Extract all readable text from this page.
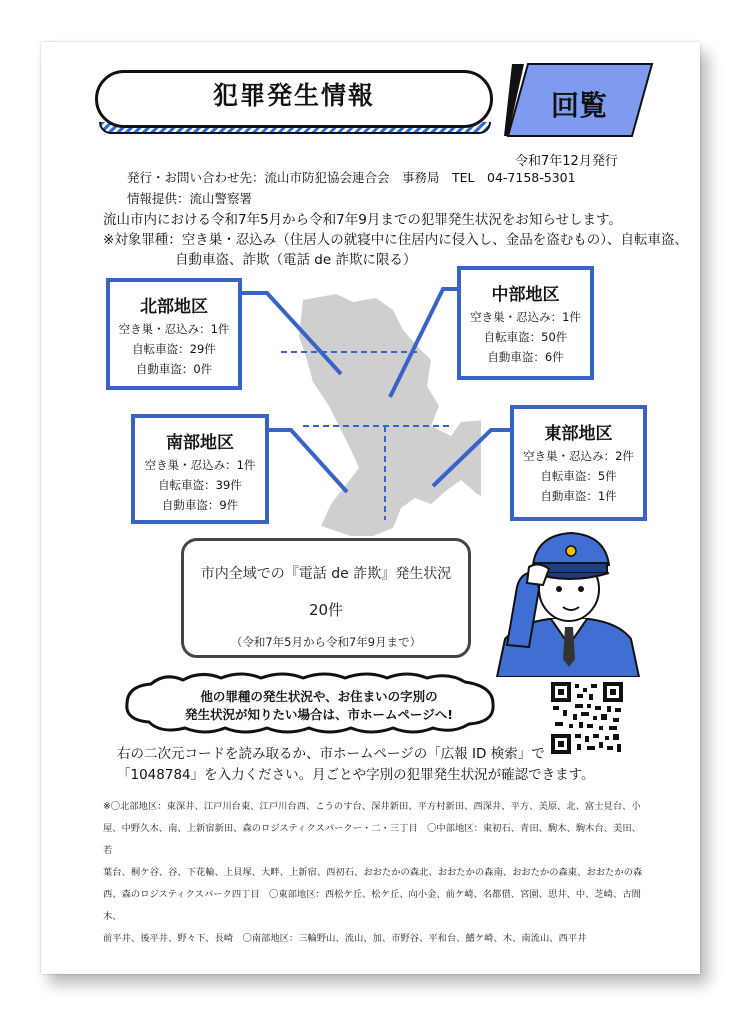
犯罪発生情報	回覧
令和7年12月発行
発行・お問い合わせ先：流山市防犯協会連合会　事務局　TEL　04-7158-5301
情報提供：流山警察署
流山市内における令和7年5月から令和7年9月までの犯罪発生状況をお知らせします。
※対象罪種：空き巣・忍込み（住居人の就寝中に住居内に侵入し、金品を盗むもの）、自転車盗、
自動車盗、詐欺（電話 de 詐欺に限る）
北部地区
空き巣・忍込み：1件
自転車盗：29件
自動車盗：0件
中部地区
空き巣・忍込み：1件
自転車盗：50件
自動車盗：6件
南部地区
空き巣・忍込み：1件
自転車盗：39件
自動車盗：9件
東部地区
空き巣・忍込み：2件
自転車盗：5件
自動車盗：1件
市内全域での『電話 de 詐欺』発生状況
20件
（令和7年5月から令和7年9月まで）
他の罪種の発生状況や、お住まいの字別の
発生状況が知りたい場合は、市ホームページへ!
右の二次元コードを読み取るか、市ホームページの「広報 ID 検索」で
「1048784」を入力ください。月ごとや字別の犯罪発生状況が確認できます。
※〇北部地区：東深井、江戸川台東、江戸川台西、こうのす台、深井新田、平方村新田、西深井、平方、美原、北、富士見台、小
屋、中野久木、南、上新宿新田、森のロジスティクスパークー・二・三丁目　〇中部地区：東初石、青田、駒木、駒木台、美田、若
葉台、桐ケ谷、谷、下花輪、上貝塚、大畔、上新宿、西初石、おおたかの森北、おおたかの森南、おおたかの森東、おおたかの森
西、森のロジスティクスパーク四丁目　〇東部地区：西松ケ丘、松ケ丘、向小金、前ケ崎、名都借、宮園、思井、中、芝崎、古間木、
前平井、後平井、野々下、長崎　〇南部地区：三輪野山、流山、加、市野谷、平和台、鰭ケ崎、木、南流山、西平井
